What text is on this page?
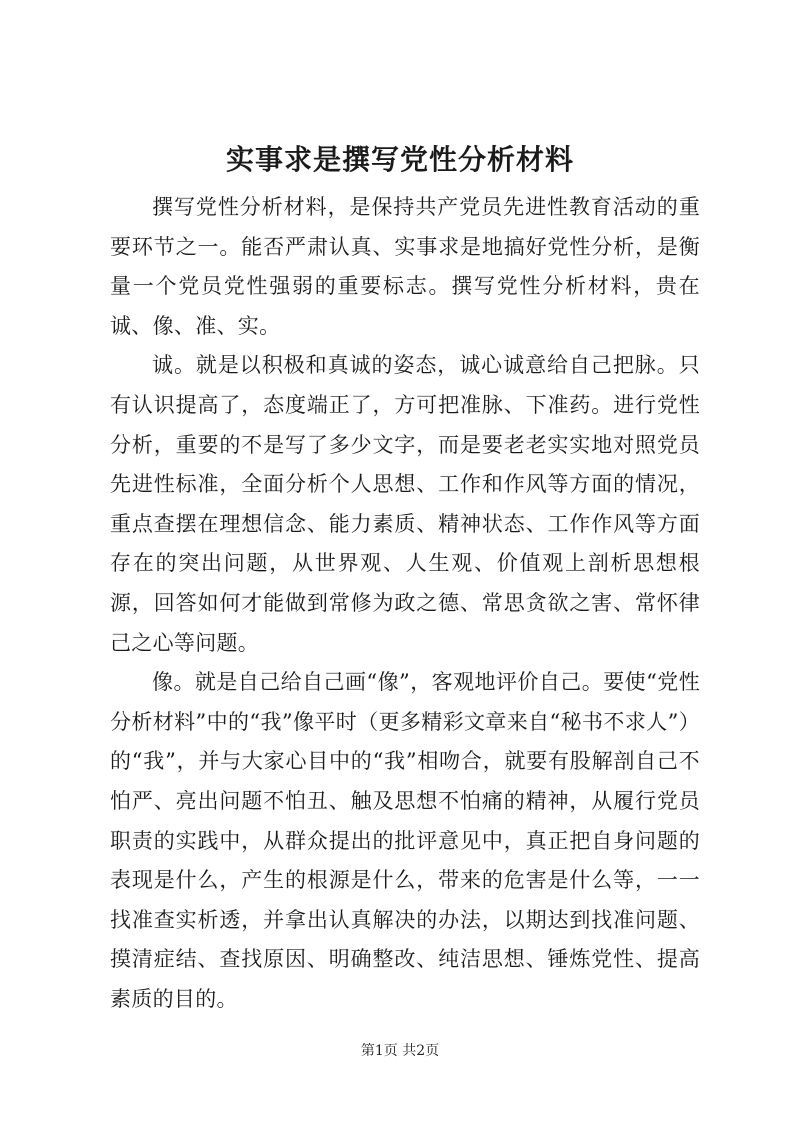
实事求是撰写党性分析材料

撰写党性分析材料，是保持共产党员先进性教育活动的重要环节之一。能否严肃认真、实事求是地搞好党性分析，是衡量一个党员党性强弱的重要标志。撰写党性分析材料，贵在诚、像、准、实。

诚。就是以积极和真诚的姿态，诚心诚意给自己把脉。只有认识提高了，态度端正了，方可把准脉、下准药。进行党性分析，重要的不是写了多少文字，而是要老老实实地对照党员先进性标准，全面分析个人思想、工作和作风等方面的情况，重点查摆在理想信念、能力素质、精神状态、工作作风等方面存在的突出问题，从世界观、人生观、价值观上剖析思想根源，回答如何才能做到常修为政之德、常思贪欲之害、常怀律己之心等问题。

像。就是自己给自己画“像”，客观地评价自己。要使“党性分析材料”中的“我”像平时（更多精彩文章来自“秘书不求人”）的“我”，并与大家心目中的“我”相吻合，就要有股解剖自己不怕严、亮出问题不怕丑、触及思想不怕痛的精神，从履行党员职责的实践中，从群众提出的批评意见中，真正把自身问题的表现是什么，产生的根源是什么，带来的危害是什么等，一一找准查实析透，并拿出认真解决的办法，以期达到找准问题、摸清症结、查找原因、明确整改、纯洁思想、锤炼党性、提高素质的目的。

第1页 共2页
